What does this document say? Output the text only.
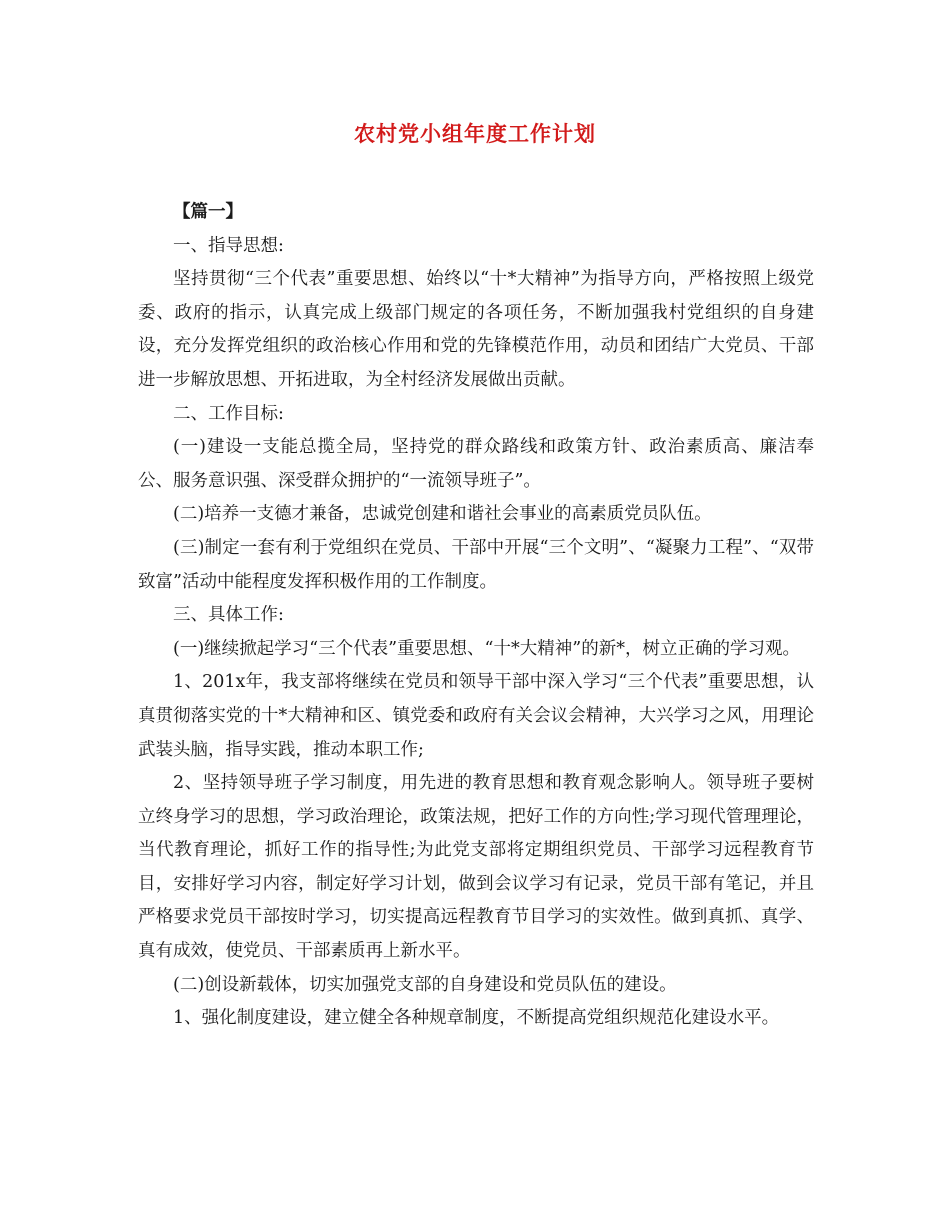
农村党小组年度工作计划

【篇一】

一、指导思想:

坚持贯彻“三个代表”重要思想、始终以“十*大精神”为指导方向，严格按照上级党委、政府的指示，认真完成上级部门规定的各项任务，不断加强我村党组织的自身建设，充分发挥党组织的政治核心作用和党的先锋模范作用，动员和团结广大党员、干部进一步解放思想、开拓进取，为全村经济发展做出贡献。

二、工作目标:

(一)建设一支能总揽全局，坚持党的群众路线和政策方针、政治素质高、廉洁奉公、服务意识强、深受群众拥护的“一流领导班子”。

(二)培养一支德才兼备，忠诚党创建和谐社会事业的高素质党员队伍。

(三)制定一套有利于党组织在党员、干部中开展“三个文明”、“凝聚力工程”、“双带致富”活动中能程度发挥积极作用的工作制度。

三、具体工作:

(一)继续掀起学习“三个代表”重要思想、“十*大精神”的新*，树立正确的学习观。

1、201x年，我支部将继续在党员和领导干部中深入学习“三个代表”重要思想，认真贯彻落实党的十*大精神和区、镇党委和政府有关会议会精神，大兴学习之风，用理论武装头脑，指导实践，推动本职工作;

2、坚持领导班子学习制度，用先进的教育思想和教育观念影响人。领导班子要树立终身学习的思想，学习政治理论，政策法规，把好工作的方向性;学习现代管理理论，当代教育理论，抓好工作的指导性;为此党支部将定期组织党员、干部学习远程教育节目，安排好学习内容，制定好学习计划，做到会议学习有记录，党员干部有笔记，并且严格要求党员干部按时学习，切实提高远程教育节目学习的实效性。做到真抓、真学、真有成效，使党员、干部素质再上新水平。

(二)创设新载体，切实加强党支部的自身建设和党员队伍的建设。

1、强化制度建设，建立健全各种规章制度，不断提高党组织规范化建设水平。
